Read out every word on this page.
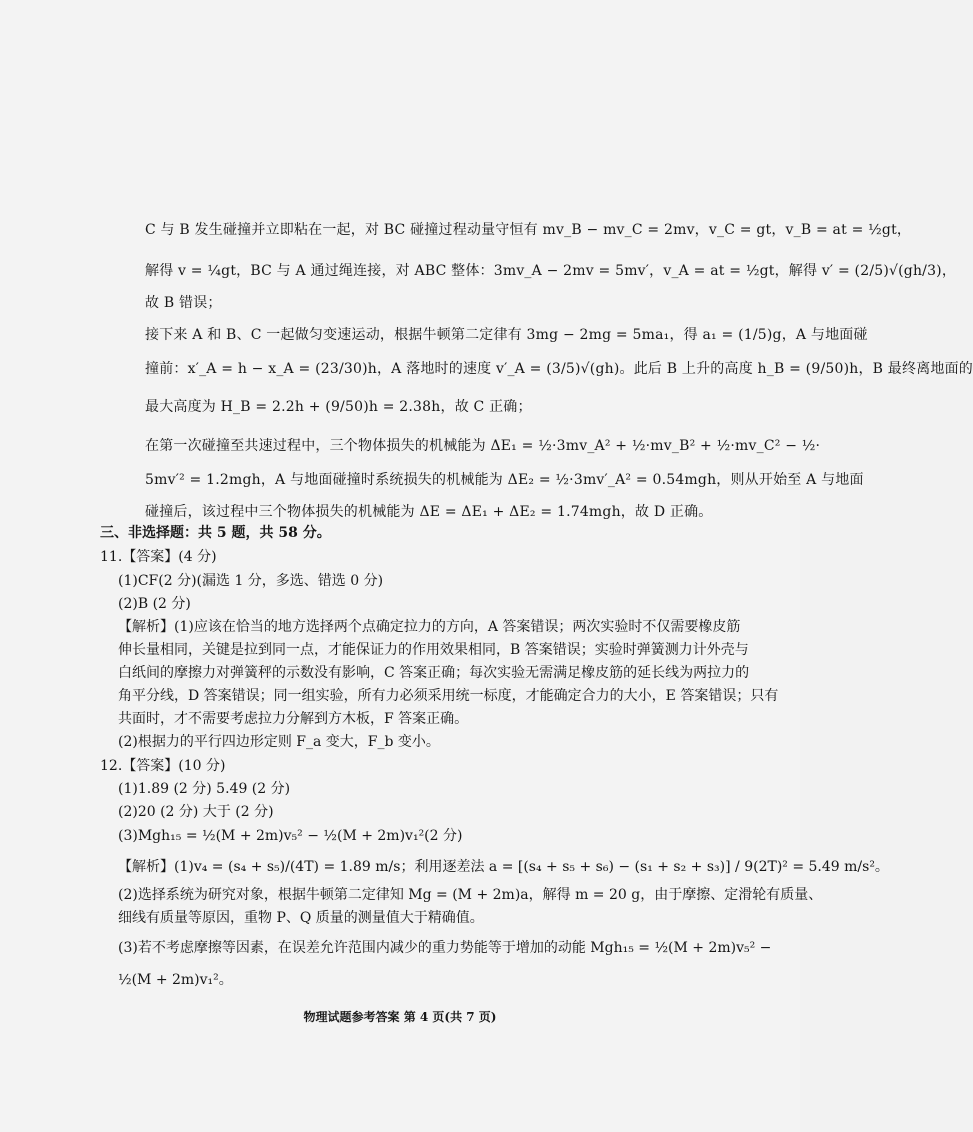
C 与 B 发生碰撞并立即粘在一起，对 BC 碰撞过程动量守恒有 mv_B − mv_C = 2mv，v_C = gt，v_B = at = ½gt，
解得 v = ¼gt，BC 与 A 通过绳连接，对 ABC 整体：3mv_A − 2mv = 5mv′，v_A = at = ½gt，解得 v′ = (2/5)√(gh/3)，
故 B 错误；
接下来 A 和 B、C 一起做匀变速运动，根据牛顿第二定律有 3mg − 2mg = 5ma₁，得 a₁ = (1/5)g，A 与地面碰
撞前：x′_A = h − x_A = (23/30)h，A 落地时的速度 v′_A = (3/5)√(gh)。此后 B 上升的高度 h_B = (9/50)h，B 最终离地面的
最大高度为 H_B = 2.2h + (9/50)h = 2.38h，故 C 正确；
在第一次碰撞至共速过程中，三个物体损失的机械能为 ΔE₁ = ½·3mv_A² + ½·mv_B² + ½·mv_C² − ½·
5mv′² = 1.2mgh，A 与地面碰撞时系统损失的机械能为 ΔE₂ = ½·3mv′_A² = 0.54mgh，则从开始至 A 与地面
碰撞后，该过程中三个物体损失的机械能为 ΔE = ΔE₁ + ΔE₂ = 1.74mgh，故 D 正确。
三、非选择题：共 5 题，共 58 分。
11.【答案】(4 分)
(1)CF(2 分)(漏选 1 分，多选、错选 0 分)
(2)B (2 分)
【解析】(1)应该在恰当的地方选择两个点确定拉力的方向，A 答案错误；两次实验时不仅需要橡皮筋
伸长量相同，关键是拉到同一点，才能保证力的作用效果相同，B 答案错误；实验时弹簧测力计外壳与
白纸间的摩擦力对弹簧秤的示数没有影响，C 答案正确；每次实验无需满足橡皮筋的延长线为两拉力的
角平分线，D 答案错误；同一组实验，所有力必须采用统一标度，才能确定合力的大小，E 答案错误；只有
共面时，才不需要考虑拉力分解到方木板，F 答案正确。
(2)根据力的平行四边形定则 F_a 变大，F_b 变小。
12.【答案】(10 分)
(1)1.89 (2 分) 5.49 (2 分)
(2)20 (2 分) 大于 (2 分)
(3)Mgh₁₅ = ½(M + 2m)v₅² − ½(M + 2m)v₁²(2 分)
【解析】(1)v₄ = (s₄ + s₅)/(4T) = 1.89 m/s；利用逐差法 a = [(s₄ + s₅ + s₆) − (s₁ + s₂ + s₃)] / 9(2T)² = 5.49 m/s²。
(2)选择系统为研究对象，根据牛顿第二定律知 Mg = (M + 2m)a，解得 m = 20 g，由于摩擦、定滑轮有质量、
细线有质量等原因，重物 P、Q 质量的测量值大于精确值。
(3)若不考虑摩擦等因素，在误差允许范围内减少的重力势能等于增加的动能 Mgh₁₅ = ½(M + 2m)v₅² −
½(M + 2m)v₁²。
物理试题参考答案 第 4 页(共 7 页)
